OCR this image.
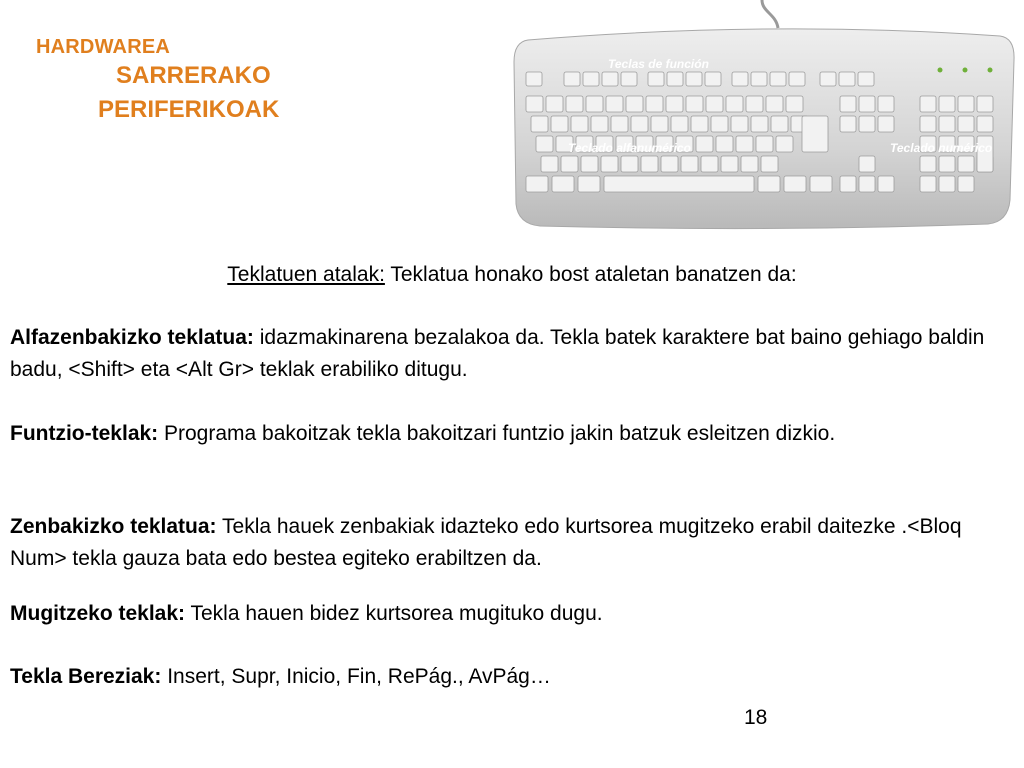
HARDWAREA
SARRERAKO
PERIFERIKOAK
Teclas de función
Teclado alfanumérico	Teclado numérico
Teklatuen atalak: Teklatua honako bost ataletan banatzen da:
Alfazenbakizko teklatua: idazmakinarena bezalakoa da. Tekla batek karaktere bat baino gehiago baldin badu, <Shift> eta <Alt Gr> teklak erabiliko ditugu.
Funtzio-teklak: Programa bakoitzak tekla bakoitzari funtzio jakin batzuk esleitzen dizkio.
Zenbakizko teklatua: Tekla hauek zenbakiak idazteko edo kurtsorea mugitzeko erabil daitezke .<Bloq Num> tekla gauza bata edo bestea egiteko erabiltzen da.
Mugitzeko teklak: Tekla hauen bidez kurtsorea mugituko dugu.
Tekla Bereziak: Insert, Supr, Inicio, Fin, RePág., AvPág…
18
